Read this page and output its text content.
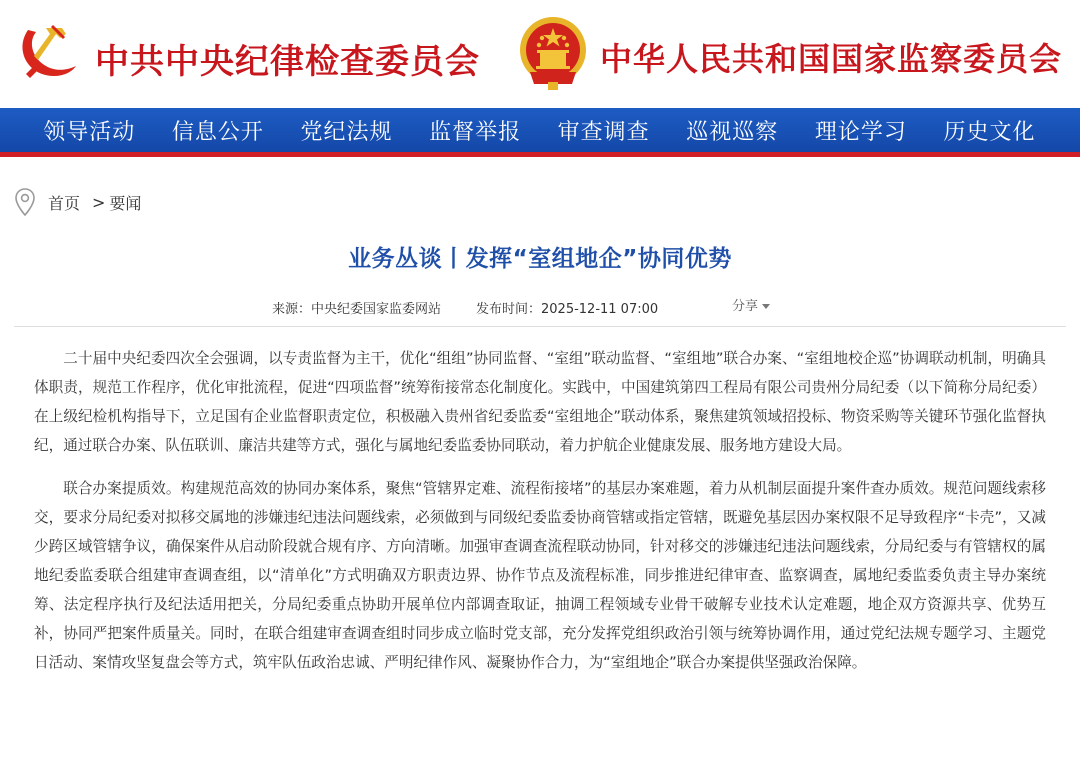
中共中央纪律检查委员会	中华人民共和国国家监察委员会
领导活动	信息公开	党纪法规	监督举报	审查调查	巡视巡察	理论学习	历史文化
首页 > 要闻
业务丛谈丨发挥“室组地企”协同优势
来源：中央纪委国家监委网站	发布时间：2025-12-11 07:00	分享

二十届中央纪委四次全会强调，以专责监督为主干，优化“组组”协同监督、“室组”联动监督、“室组地”联合办案、“室组地校企巡”协调联动机制，明确具体职责，规范工作程序，优化审批流程，促进“四项监督”统筹衔接常态化制度化。实践中，中国建筑第四工程局有限公司贵州分局纪委（以下简称分局纪委）在上级纪检机构指导下，立足国有企业监督职责定位，积极融入贵州省纪委监委“室组地企”联动体系，聚焦建筑领域招投标、物资采购等关键环节强化监督执纪，通过联合办案、队伍联训、廉洁共建等方式，强化与属地纪委监委协同联动，着力护航企业健康发展、服务地方建设大局。

联合办案提质效。构建规范高效的协同办案体系，聚焦“管辖界定难、流程衔接堵”的基层办案难题，着力从机制层面提升案件查办质效。规范问题线索移交，要求分局纪委对拟移交属地的涉嫌违纪违法问题线索，必须做到与同级纪委监委协商管辖或指定管辖，既避免基层因办案权限不足导致程序“卡壳”，又减少跨区域管辖争议，确保案件从启动阶段就合规有序、方向清晰。加强审查调查流程联动协同，针对移交的涉嫌违纪违法问题线索，分局纪委与有管辖权的属地纪委监委联合组建审查调查组，以“清单化”方式明确双方职责边界、协作节点及流程标准，同步推进纪律审查、监察调查，属地纪委监委负责主导办案统筹、法定程序执行及纪法适用把关，分局纪委重点协助开展单位内部调查取证，抽调工程领域专业骨干破解专业技术认定难题，地企双方资源共享、优势互补，协同严把案件质量关。同时，在联合组建审查调查组时同步成立临时党支部，充分发挥党组织政治引领与统筹协调作用，通过党纪法规专题学习、主题党日活动、案情攻坚复盘会等方式，筑牢队伍政治忠诚、严明纪律作风、凝聚协作合力，为“室组地企”联合办案提供坚强政治保障。
